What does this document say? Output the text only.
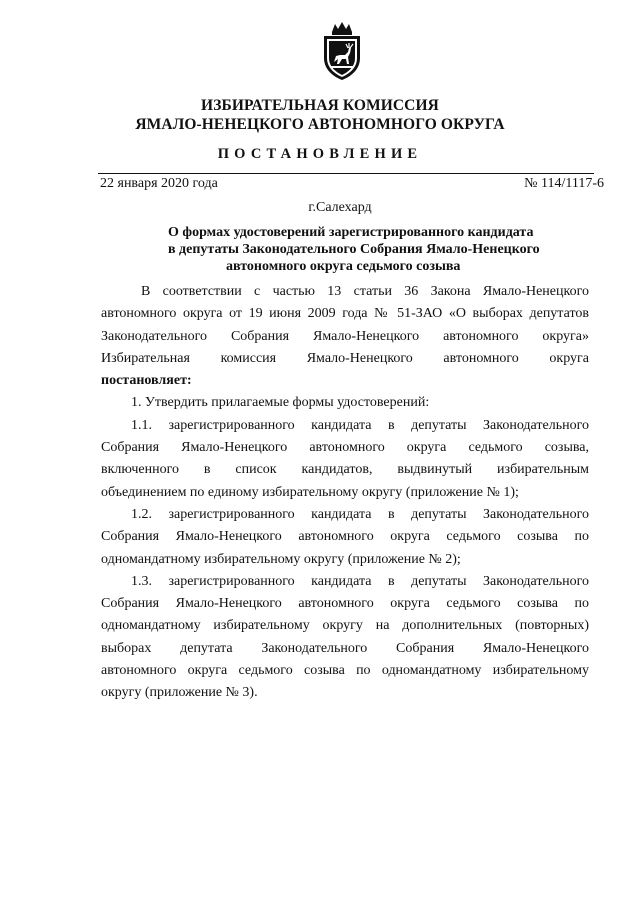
ИЗБИРАТЕЛЬНАЯ КОМИССИЯ
ЯМАЛО-НЕНЕЦКОГО АВТОНОМНОГО ОКРУГА
ПОСТАНОВЛЕНИЕ
22 января 2020 года	№ 114/1117-6
г.Салехард
О формах удостоверений зарегистрированного кандидата
в депутаты Законодательного Собрания Ямало-Ненецкого
автономного округа седьмого созыва
В соответствии с частью 13 статьи 36 Закона Ямало-Ненецкого
автономного округа от 19 июня 2009 года № 51-ЗАО «О выборах депутатов
Законодательного Собрания Ямало-Ненецкого автономного округа»
Избирательная комиссия Ямало-Ненецкого автономного округа
постановляет:
1. Утвердить прилагаемые формы удостоверений:
1.1. зарегистрированного кандидата в депутаты Законодательного
Собрания Ямало-Ненецкого автономного округа седьмого созыва,
включенного в список кандидатов, выдвинутый избирательным
объединением по единому избирательному округу (приложение № 1);
1.2. зарегистрированного кандидата в депутаты Законодательного
Собрания Ямало-Ненецкого автономного округа седьмого созыва по
одномандатному избирательному округу (приложение № 2);
1.3. зарегистрированного кандидата в депутаты Законодательного
Собрания Ямало-Ненецкого автономного округа седьмого созыва по
одномандатному избирательному округу на дополнительных (повторных)
выборах депутата Законодательного Собрания Ямало-Ненецкого
автономного округа седьмого созыва по одномандатному избирательному
округу (приложение № 3).
